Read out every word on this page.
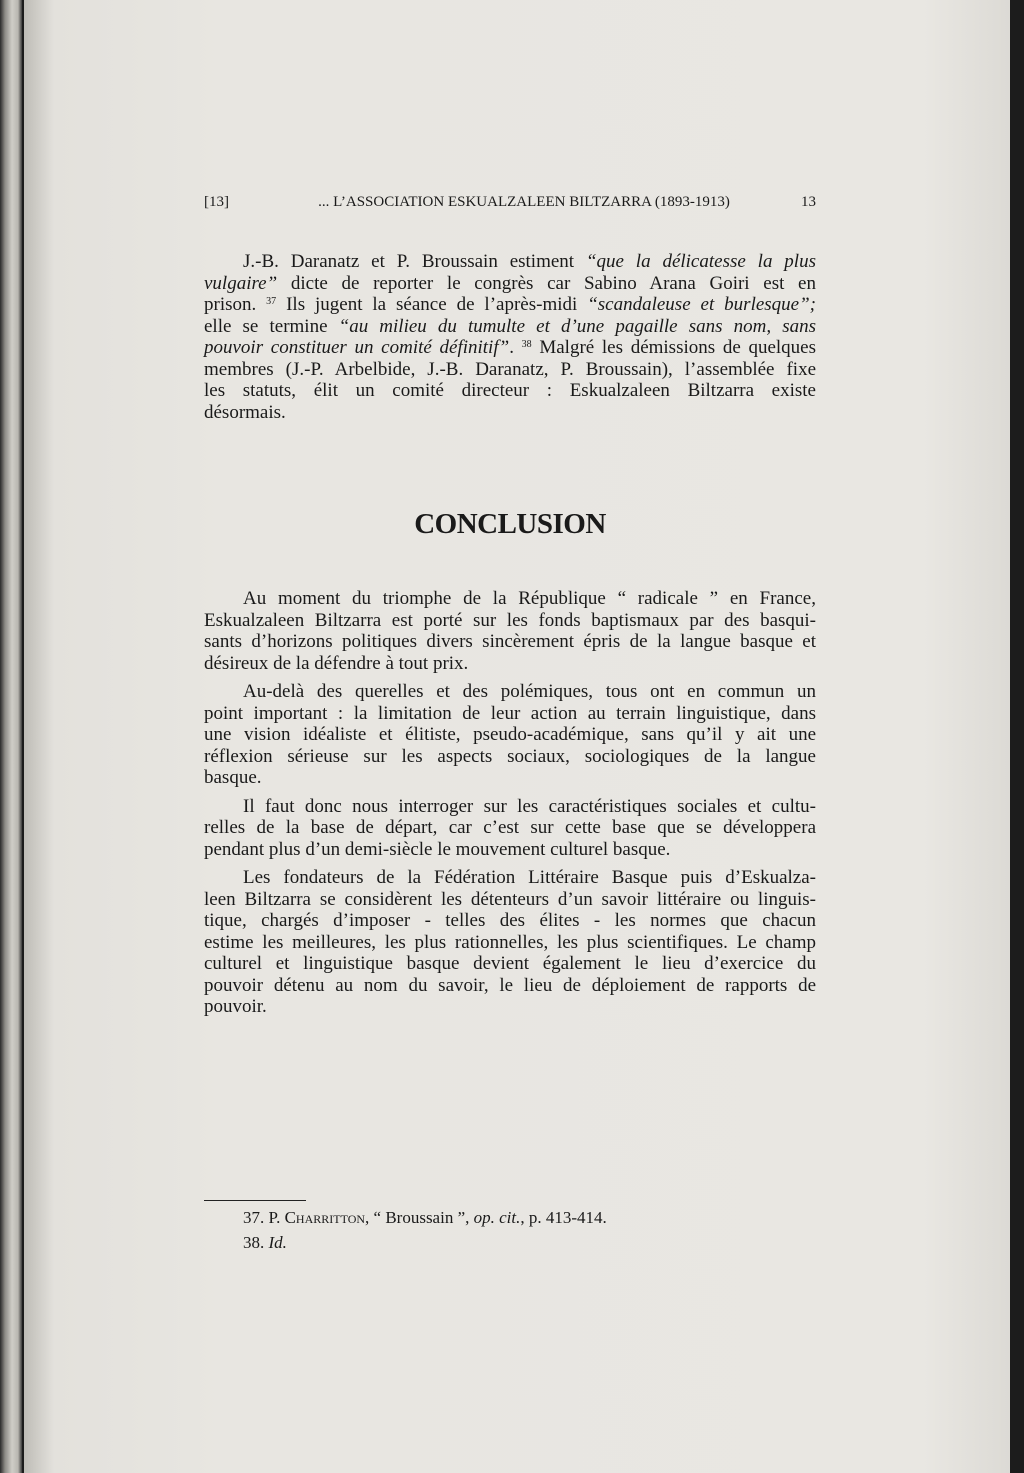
[13]	... L’ASSOCIATION ESKUALZALEEN BILTZARRA (1893-1913)	13
J.-B. Daranatz et P. Broussain estiment “que la délicatesse la plus
vulgaire” dicte de reporter le congrès car Sabino Arana Goiri est en
prison. $^{37}$ Ils jugent la séance de l’après-midi “scandaleuse et burlesque”;
elle se termine “au milieu du tumulte et d’une pagaille sans nom, sans
pouvoir constituer un comité définitif”. $^{38}$ Malgré les démissions de quelques
membres (J.-P. Arbelbide, J.-B. Daranatz, P. Broussain), l’assemblée fixe
les statuts, élit un comité directeur : Eskualzaleen Biltzarra existe
désormais.
CONCLUSION
Au moment du triomphe de la République “ radicale ” en France,
Eskualzaleen Biltzarra est porté sur les fonds baptismaux par des basqui-
sants d’horizons politiques divers sincèrement épris de la langue basque et
désireux de la défendre à tout prix.
Au-delà des querelles et des polémiques, tous ont en commun un
point important : la limitation de leur action au terrain linguistique, dans
une vision idéaliste et élitiste, pseudo-académique, sans qu’il y ait une
réflexion sérieuse sur les aspects sociaux, sociologiques de la langue
basque.
Il faut donc nous interroger sur les caractéristiques sociales et cultu-
relles de la base de départ, car c’est sur cette base que se développera
pendant plus d’un demi-siècle le mouvement culturel basque.
Les fondateurs de la Fédération Littéraire Basque puis d’Eskualza-
leen Biltzarra se considèrent les détenteurs d’un savoir littéraire ou linguis-
tique, chargés d’imposer - telles des élites - les normes que chacun
estime les meilleures, les plus rationnelles, les plus scientifiques. Le champ
culturel et linguistique basque devient également le lieu d’exercice du
pouvoir détenu au nom du savoir, le lieu de déploiement de rapports de
pouvoir.
37. P. Charritton, “ Broussain ”, op. cit., p. 413-414.
38. Id.
